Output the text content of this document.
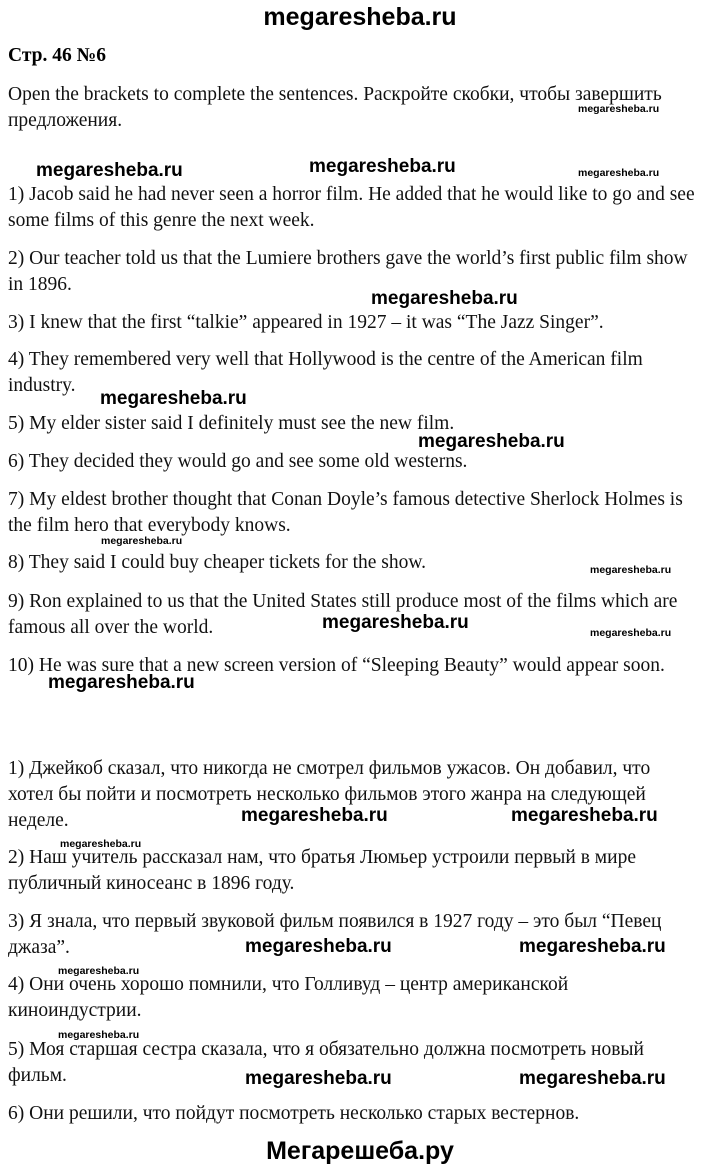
megaresheba.ru
Стр. 46 №6
Open the brackets to complete the sentences. Раскройте скобки, чтобы завершить предложения.
1) Jacob said he had never seen a horror film. He added that he would like to go and see some films of this genre the next week.
2) Our teacher told us that the Lumiere brothers gave the world’s first public film show in 1896.
3) I knew that the first “talkie” appeared in 1927 – it was “The Jazz Singer”.
4) They remembered very well that Hollywood is the centre of the American film industry.
5) My elder sister said I definitely must see the new film.
6) They decided they would go and see some old westerns.
7) My eldest brother thought that Conan Doyle’s famous detective Sherlock Holmes is the film hero that everybody knows.
8) They said I could buy cheaper tickets for the show.
9) Ron explained to us that the United States still produce most of the films which are famous all over the world.
10) He was sure that a new screen version of “Sleeping Beauty” would appear soon.
1) Джейкоб сказал, что никогда не смотрел фильмов ужасов. Он добавил, что хотел бы пойти и посмотреть несколько фильмов этого жанра на следующей неделе.
2) Наш учитель рассказал нам, что братья Люмьер устроили первый в мире публичный киносеанс в 1896 году.
3) Я знала, что первый звуковой фильм появился в 1927 году – это был “Певец джаза”.
4) Они очень хорошо помнили, что Голливуд – центр американской киноиндустрии.
5) Моя старшая сестра сказала, что я обязательно должна посмотреть новый фильм.
6) Они решили, что пойдут посмотреть несколько старых вестернов.
megaresheba.ru
megaresheba.ru	megaresheba.ru	megaresheba.ru
megaresheba.ru
megaresheba.ru
megaresheba.ru
megaresheba.ru
megaresheba.ru
megaresheba.ru	megaresheba.ru
megaresheba.ru
megaresheba.ru	megaresheba.ru
megaresheba.ru
megaresheba.ru	megaresheba.ru
megaresheba.ru
megaresheba.ru
megaresheba.ru	megaresheba.ru
Мегарешеба.ру
